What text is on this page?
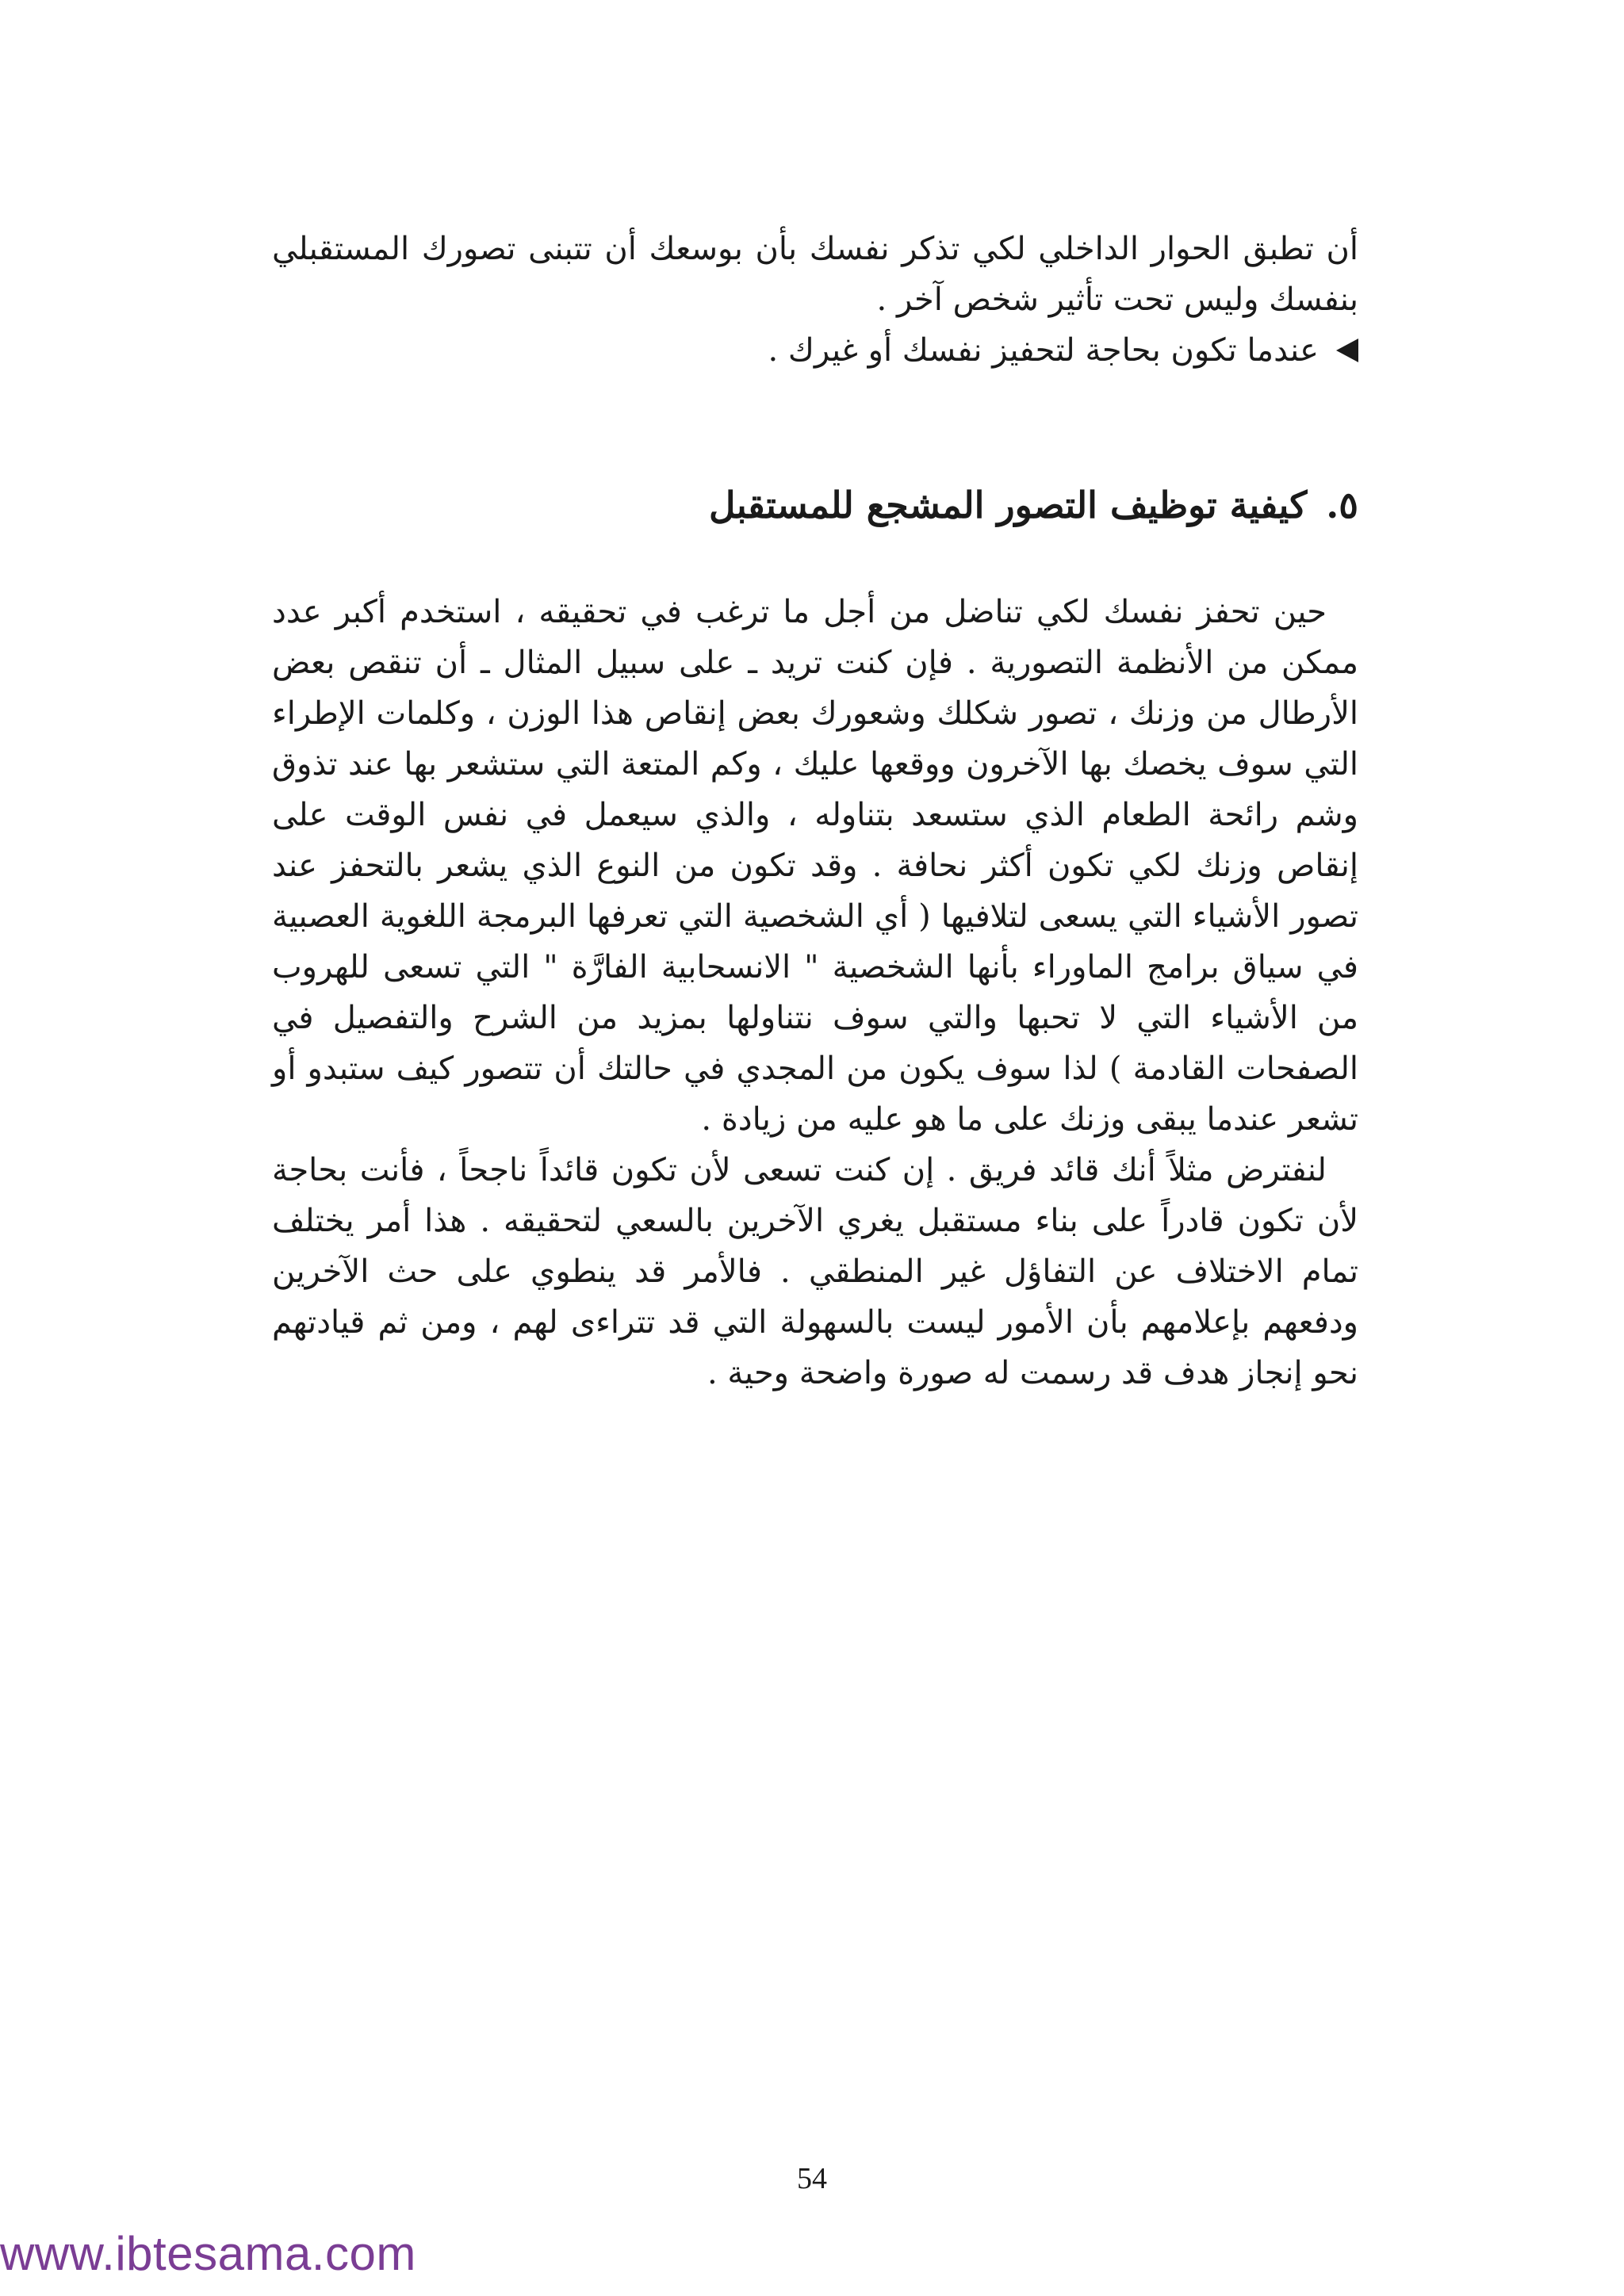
أن تطبق الحوار الداخلي لكي تذكر نفسك بأن بوسعك أن تتبنى تصورك المستقبلي بنفسك وليس تحت تأثير شخص آخر .

عندما تكون بحاجة لتحفيز نفسك أو غيرك .
٥.
كيفية توظيف التصور المشجع للمستقبل

حين تحفز نفسك لكي تناضل من أجل ما ترغب في تحقيقه ، استخدم أكبر عدد ممكن من الأنظمة التصورية . فإن كنت تريد ـ على سبيل المثال ـ أن تنقص بعض الأرطال من وزنك ، تصور شكلك وشعورك بعض إنقاص هذا الوزن ، وكلمات الإطراء التي سوف يخصك بها الآخرون ووقعها عليك ، وكم المتعة التي ستشعر بها عند تذوق وشم رائحة الطعام الذي ستسعد بتناوله ، والذي سيعمل في نفس الوقت على إنقاص وزنك لكي تكون أكثر نحافة . وقد تكون من النوع الذي يشعر بالتحفز عند تصور الأشياء التي يسعى لتلافيها ( أي الشخصية التي تعرفها البرمجة اللغوية العصبية في سياق برامج الماوراء بأنها الشخصية " الانسحابية الفارَّة " التي تسعى للهروب من الأشياء التي لا تحبها والتي سوف نتناولها بمزيد من الشرح والتفصيل في الصفحات القادمة ) لذا سوف يكون من المجدي في حالتك أن تتصور كيف ستبدو أو تشعر عندما يبقى وزنك على ما هو عليه من زيادة .

لنفترض مثلاً أنك قائد فريق . إن كنت تسعى لأن تكون قائداً ناجحاً ، فأنت بحاجة لأن تكون قادراً على بناء مستقبل يغري الآخرين بالسعي لتحقيقه . هذا أمر يختلف تمام الاختلاف عن التفاؤل غير المنطقي . فالأمر قد ينطوي على حث الآخرين ودفعهم بإعلامهم بأن الأمور ليست بالسهولة التي قد تتراءى لهم ، ومن ثم قيادتهم نحو إنجاز هدف قد رسمت له صورة واضحة وحية .

54
www.ibtesama.com
